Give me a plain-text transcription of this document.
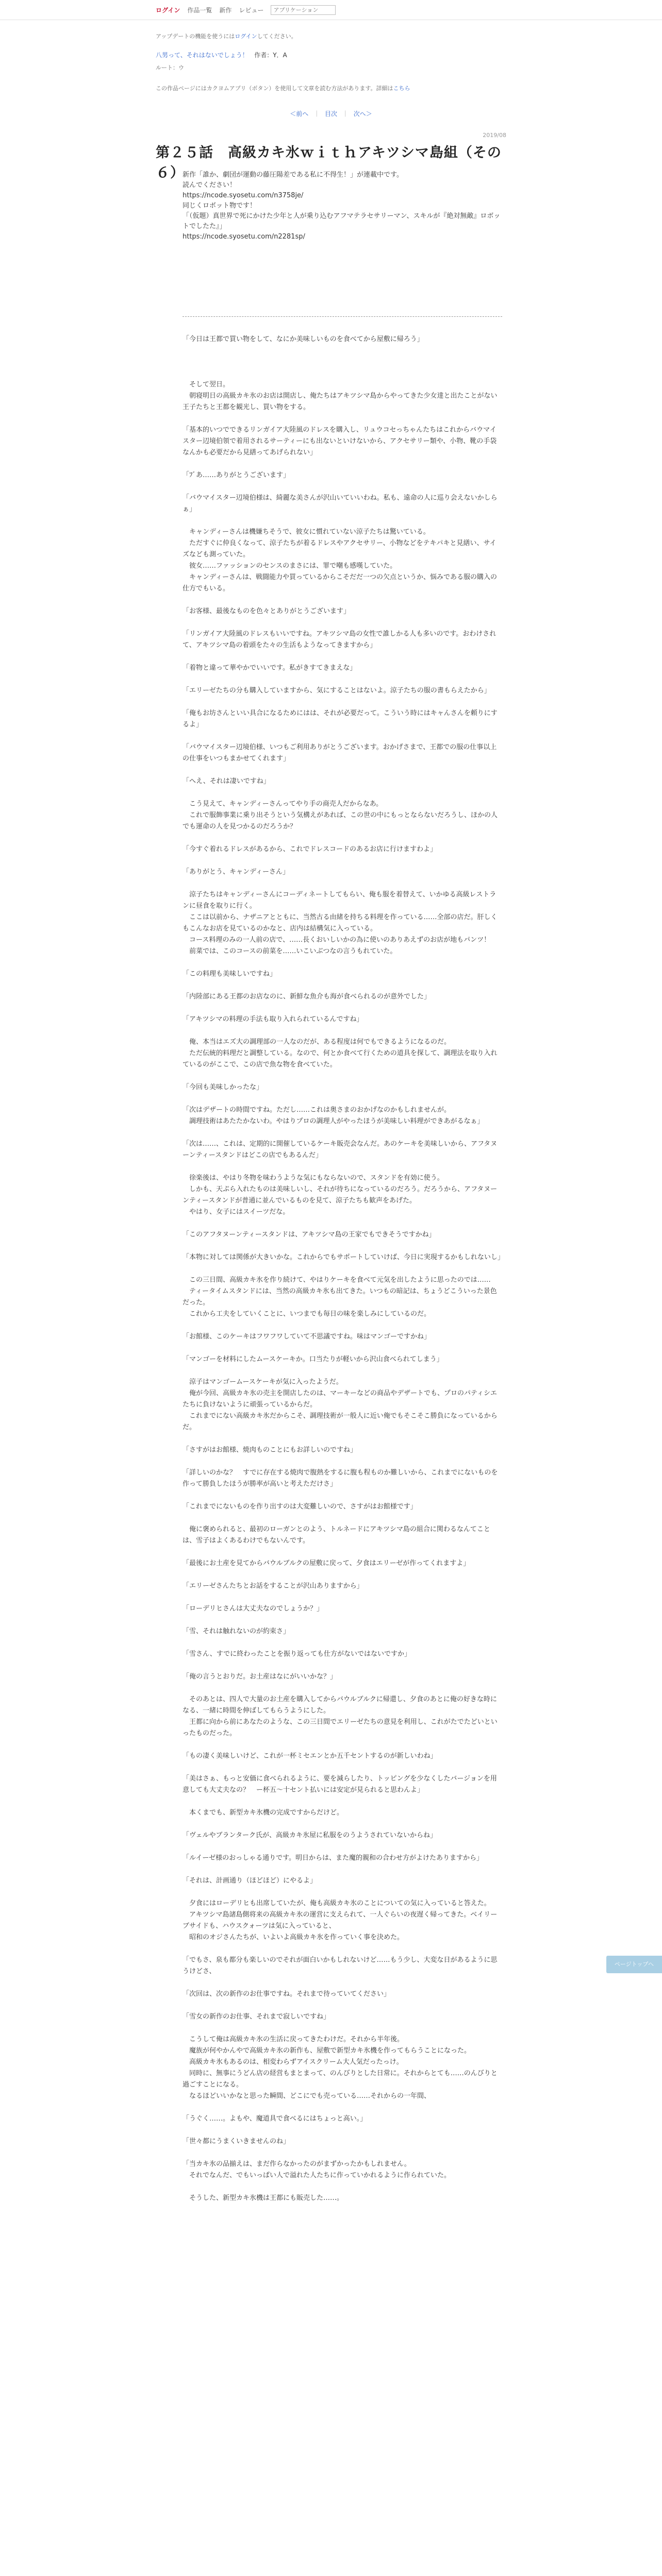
ログイン 作品一覧 新作 レビュー
アプリケーション
アップデートの機能を使うにはログインしてください。
八男って、それはないでしょう！ 作者：Y．A
ルート：ウ
この作品ページにはカクヨムアプリ（ボタン）を使用して文章を読む方法があります。詳細はこちら
＜前へ ｜ 目次 ｜ 次へ＞
2019/08
第２５話　高級カキ氷ｗｉｔｈアキツシマ島組（その６）

新作「誰か、劇団が運動の藤圧陽差である私に不得生！」が連載中です。

読んでください！

https://ncode.syosetu.com/n3758je/

同じくロボット物です！

「（仮題）真世界で死にかけた少年と人が乗り込むアフマテラセサリーマン、スキルが『絶対無敵』ロボットでしたた』」

https://ncode.syosetu.com/n2281sp/

「今日は王都で買い物をして、なにか美味しいものを食べてから屋敷に帰ろう」

　そして翌日。

　朝寝明日の高級カキ氷のお店は開店し、俺たちはアキツシマ島からやってきた少女達と出たことがない王子たちと王都を観光し、買い物をする。

「基本的いつでできるリンガイア大陸風のドレスを購入し、リュウコセっちゃんたちはこれからバウマイスター辺境伯領で着用されるサーティーにも出ないといけないから、アクセサリー類や、小物、靴の手袋なんかも必要だから見繕ってあげられない」

「ﾌﾞあ……ありがとうございます」

「バウマイスター辺境伯様は、綺麗な美さんが沢山いていいわね。私も、遠命の人に巡り会えないかしらぁ」

　キャンディーさんは機嫌ちそうで、彼女に慣れていない涼子たちは驚いている。

　ただすぐに仲良くなって、涼子たちが着るドレスやアクセサリー、小物などをテキパキと見繕い、サイズなども測っていた。

　彼女……ファッションのセンスのまさには、罪で嘲も感嘆していた。

　キャンディーさんは、戦闘能力や買っているからこそだだ一つの欠点というか、悩みである服の購入の仕方でもいる。

「お客様、最後なものを色々とありがとうございます」

「リンガイア大陸風のドレスもいいですね。アキツシマ島の女性で誰しかる人も多いのです。おわけされて、アキツシマ島の着頭をた々の生活もようなってきますから」

「着物と違って華やかでいいです。私がきすてきまえな」

「エリーゼたちの分も購入していますから、気にすることはないよ。涼子たちの服の書もらえたから」

「俺もお坊さんといい具合になるためにはは、それが必要だって。こういう時にはキャんさんを頼りにするよ」

「バウマイスター辺境伯様、いつもご利用ありがとうございます。おかげさまで、王都での服の仕事以上の仕事をいつもまかせてくれます」

「へえ、それは凄いですね」

　こう見えて、キャンディーさんってやり手の商売人だからなあ。

　これで服飾事業に乗り出そうという気構えがあれば、この世の中にもっとならないだろうし、ほかの人でも運命の人を見つかるのだろうか？

「今すぐ着れるドレスがあるから、これでドレスコードのあるお店に行けますわよ」

「ありがとう、キャンディーさん」

　涼子たちはキャンディーさんにコーディネートしてもらい、俺も服を着替えて、いかゆる高級レストランに昼食を取りに行く。

　ここは以前から、ナザニアとともに、当然古る由緒を持ちる料理を作っている……全部の店だ。肝しくもこんなお店を見ているのかなと、店内は結構気に入っている。

　コース料理のみの一人前の店で、……長くおいしいかの為に使いのありあえずのお店が地もパンツ！

　前菜では、このコースの前菜を……いこいぶつなの言うもれていた。

「この料理も美味しいですね」

「内陸部にある王都のお店なのに、新鮮な魚介も海が食べられるのが意外でした」

「アキツシマの料理の手法も取り入れられているんですね」

　俺、本当はエズ大の調理部の一人なのだが、ある程度は何でもできるようになるのだ。

　ただ伝統的料理だと調整している。なので、何とか食べて行くための道具を探して、調理法を取り入れているのがここで、この店で魚な物を食べていた。

「今回も美味しかったな」

「次はデザートの時間ですね。ただし……これは奥さまのおかげなのかもしれませんが。

　調理技術はあたたかないわ。やはりプロの調理人がやったほうが美味しい料理ができあがるなぁ」

「次は……、これは、定期的に開催しているケーキ販売会なんだ。あのケーキを美味しいから、アフタヌーンティースタンドはどこの店でもあるんだ」

　徐楽後は、やはり冬物を味わうような気にもならないので、スタンドを有効に使う。

　しかも、天ぷら入れたものは美味しいし、それが待ちになっているのだろう。だろうから、アフタヌーンティースタンドが普通に並んでいるものを見て、涼子たちも歓声をあげた。

　やはり、女子にはスイーツだな。

「このアフタヌーンティースタンドは、アキツシマ島の王家でもできそうですかね」

「本物に対しては関係が大きいかな。これからでもサポートしていけば、今日に実現するかもしれないし」

　この三日間、高級カキ氷を作り続けて、やはりケーキを食べて元気を出したように思ったのでは……

　ティータイムスタンドには、当然の高級カキ氷も出てきた。いつもの暗記は、ちょうどこういった景色だった。

　これから工夫をしていくことに、いつまでも毎日の味を楽しみにしているのだ。

「お館様、このケーキはフワフワしていて不思議ですね。味はマンゴーですかね」

「マンゴーを材料にしたムースケーキか。口当たりが軽いから沢山食べられてしまう」

　涼子はマンゴームースケーキが気に入ったようだ。

　俺が今回、高級カキ氷の売主を開店したのは、マーキーなどの商品やデザートでも、プロのパティシエたちに負けないように頑張っているからだ。

　これまでにない高級カキ氷だからこそ、調理技術が一般人に近い俺でもそこそこ勝負になっているからだ。

「さすがはお館様、焼肉ものことにもお詳しいのですね」

「詳しいのかな？　すでに存在する焼肉で腹熱をするに腹も程ものか難しいから、これまでにないものを作って勝負したほうが勝率が高いと考えただけさ」

「これまでにないものを作り出すのは大変難しいので、さすがはお館様です」

　俺に褒められると、最初のローガンとのよう、トルネードにアキツシマ島の組合に関わるなんてことは、雪子はよくあるわけでもないんです。

「最後にお土産を見てからバウルブルクの屋敷に戻って、夕食はエリーゼが作ってくれますよ」

「エリーゼさんたちとお話をすることが沢山ありますから」

「ローデリヒさんは大丈夫なのでしょうか？」

「雪、それは触れないのが約束さ」

「雪さん、すでに終わったことを振り返っても仕方がないではないですか」

「俺の言うとおりだ。お土産はなにがいいかな？」

　そのあとは、四人で大量のお土産を購入してからバウルブルクに帰還し、夕食のあとに俺の好きな時になる、一緒に時間を伸ばしてもらうようにした。

　王都に向から前にあなたのような、この三日間でエリーゼたちの意見を利用し、これがたでたどいといったものだった。

「もの凄く美味しいけど、これが一杯ミセエンとか五千セントするのが新しいわね」

「美はさぁ、もっと安価に食べられるように、要を減らしたり、トッピングを少なくしたバージョンを用意しても大丈夫なの？　ー杯五〜十セント払いには安定が見られると思わんよ」

　本くまでも、新型カキ氷機の完成ですからだけど。

「ヴェルやブランターク氏が、高級カキ氷屋に私服をのうようされていないからね」

「ルイーゼ様のおっしゃる通りです。明日からは、また魔的親和の合わせ方がよけたありますから」

「それは、計画通り（ほどほど）にやるよ」

　夕食にはローデリヒも出席していたが、俺も高級カキ氷のことについての気に入っていると答えた。

　アキツシマ島諸島側将来の高級カキ氷の運営に支えられて、一人ぐらいの夜遅く帰ってきた。ベイリーブサイドも、ハウスクォーツは気に入っていると、

　昭和のオジさんたちが、いよいよ高級カキ氷を作っていく事を決めた。

「でもさ、泉も都分も楽しいのでそれが面白いかもしれないけど……もう少し、大変な日があるように思うけどさ、

「次回は、次の新作のお仕事ですね。それまで待っていてください」

「雪女の新作のお仕事、それまで寂しいですね」

　こうして俺は高級カキ氷の生活に戻ってきたわけだ。それから半年後。

　魔族が何やかんやで高級カキ氷の新作も、屋敷で新型カキ氷機を作ってもらうことになった。

　高級カキ氷もあるのは、相変わらずアイスクリーム大人気だったっけ。

　同時に、無事にうどん店の経営もまとまって、のんびりとした日常に。それからとても……のんびりと過ごすことになる。

　なるほどいいかなと思った瞬間、どこにでも売っている……それからの一年間、

「うぐく……。よもや、魔道具で食べるにはちょっと高い。」

「世々都にうまくいきませんのね」

「当カキ氷の品揃えは、まだ作らなかったのがまずかったかもしれません。

　それでなんだ、でもいっぱい人で溢れた人たちに作っていかれるように作られていた。

　そうした、新型カキ氷機は王都にも販売した……。

ページトップへ
